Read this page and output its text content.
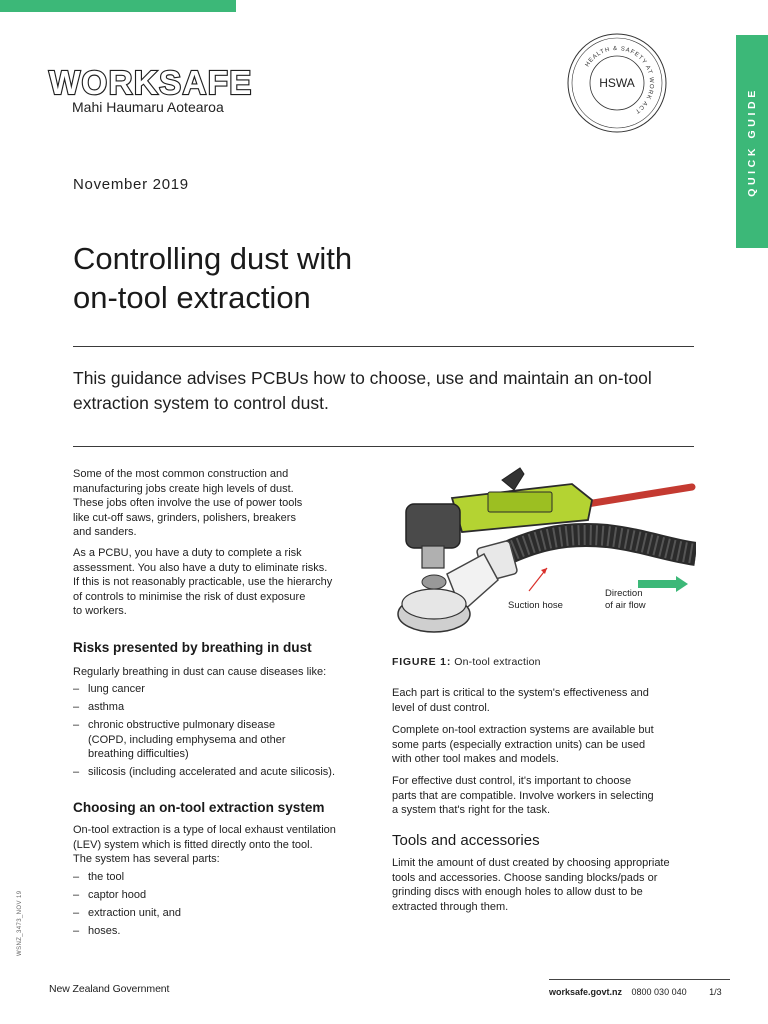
QUICK GUIDE
WORKSAFE
Mahi Haumaru Aotearoa
HEALTH & SAFETY AT WORK ACT
HSWA
November 2019
Controlling dust with
on-tool extraction
This guidance advises PCBUs how to choose, use and maintain an on-tool extraction system to control dust.

Some of the most common construction and

manufacturing jobs create high levels of dust.

These jobs often involve the use of power tools

like cut-off saws, grinders, polishers, breakers

and sanders.

As a PCBU, you have a duty to complete a risk

assessment. You also have a duty to eliminate risks.

If this is not reasonably practicable, use the hierarchy

of controls to minimise the risk of dust exposure

to workers.

Risks presented by breathing in dust
Regularly breathing in dust can cause diseases like:
– lung cancer
– asthma
– chronic obstructive pulmonary disease
(COPD, including emphysema and other
breathing difficulties)
– silicosis (including accelerated and acute silicosis).
Choosing an on-tool extraction system

On-tool extraction is a type of local exhaust ventilation

(LEV) system which is fitted directly onto the tool.

The system has several parts:

– the tool
– captor hood
– extraction unit, and
– hoses.
Suction hose
Direction
of air flow
FIGURE 1: On-tool extraction

Each part is critical to the system's effectiveness and

level of dust control.

Complete on-tool extraction systems are available but

some parts (especially extraction units) can be used

with other tool makes and models.

For effective dust control, it's important to choose

parts that are compatible. Involve workers in selecting

a system that's right for the task.

Tools and accessories

Limit the amount of dust created by choosing appropriate

tools and accessories. Choose sanding blocks/pads or

grinding discs with enough holes to allow dust to be

extracted through them.

WSNZ_3473_NOV 19
New Zealand Government	worksafe.govt.nz 0800 030 040	1/3
